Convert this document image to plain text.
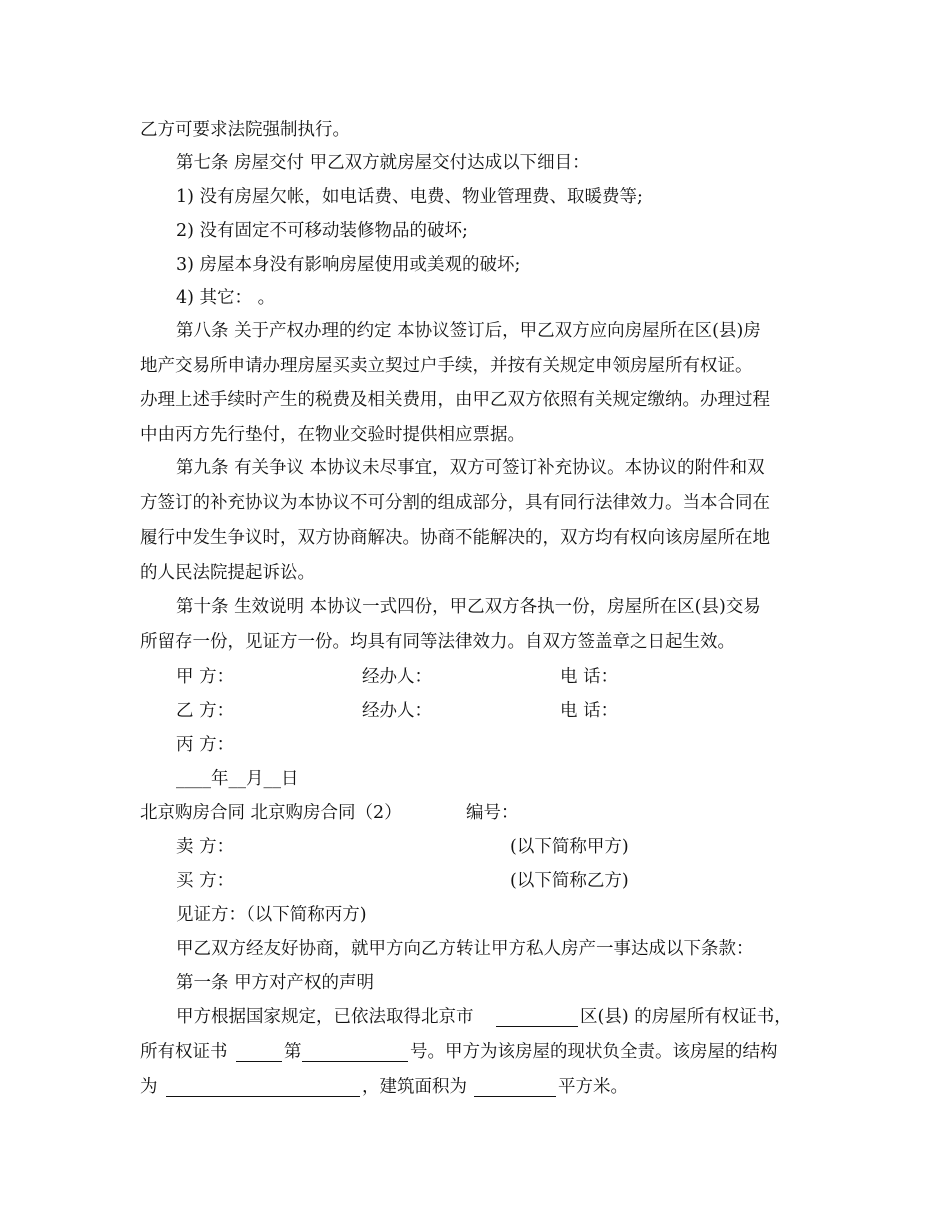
乙方可要求法院强制执行。
第七条 房屋交付 甲乙双方就房屋交付达成以下细目：
1) 没有房屋欠帐，如电话费、电费、物业管理费、取暖费等;
2) 没有固定不可移动装修物品的破坏;
3) 房屋本身没有影响房屋使用或美观的破坏;
4) 其它： 。
第八条 关于产权办理的约定 本协议签订后，甲乙双方应向房屋所在区(县)房
地产交易所申请办理房屋买卖立契过户手续，并按有关规定申领房屋所有权证。
办理上述手续时产生的税费及相关费用，由甲乙双方依照有关规定缴纳。办理过程
中由丙方先行垫付，在物业交验时提供相应票据。
第九条 有关争议 本协议未尽事宜，双方可签订补充协议。本协议的附件和双
方签订的补充协议为本协议不可分割的组成部分，具有同行法律效力。当本合同在
履行中发生争议时，双方协商解决。协商不能解决的，双方均有权向该房屋所在地
的人民法院提起诉讼。
第十条 生效说明 本协议一式四份，甲乙双方各执一份，房屋所在区(县)交易
所留存一份，见证方一份。均具有同等法律效力。自双方签盖章之日起生效。
甲 方：	经办人：	电 话：
乙 方：	经办人：	电 话：
丙 方：
____年__月__日
北京购房合同 北京购房合同（2）	编号：
卖 方：	(以下简称甲方)
买 方：	(以下简称乙方)
见证方：（以下简称丙方)
甲乙双方经友好协商，就甲方向乙方转让甲方私人房产一事达成以下条款：
第一条 甲方对产权的声明
甲方根据国家规定，已依法取得北京市	区(县) 的房屋所有权证书，
所有权证书	第	号。甲方为该房屋的现状负全责。该房屋的结构
为	，建筑面积为	平方米。
